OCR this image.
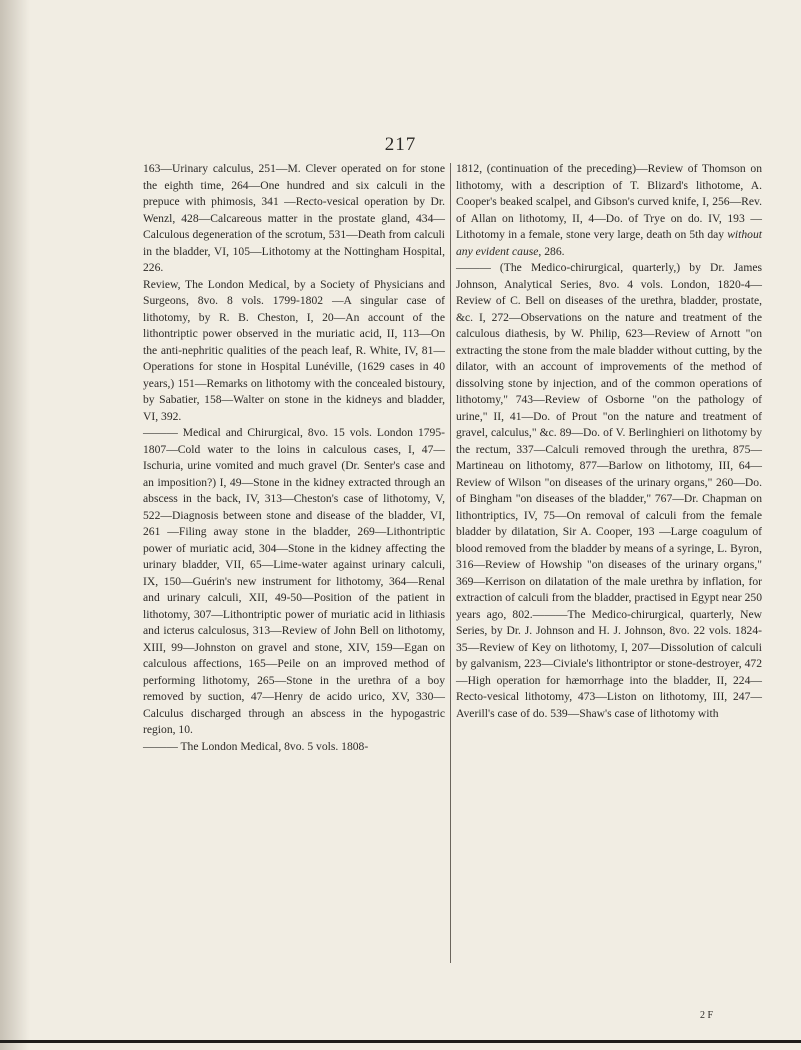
217

163—Urinary calculus, 251—M. Clever operated on for stone the eighth time, 264—One hundred and six calculi in the prepuce with phimosis, 341 —Recto-vesical operation by Dr. Wenzl, 428—Calcareous matter in the prostate gland, 434—Calculous degeneration of the scrotum, 531—Death from calculi in the bladder, VI, 105—Lithotomy at the Nottingham Hospital, 226.

Review, The London Medical, by a Society of Physicians and Surgeons, 8vo. 8 vols. 1799-1802 —A singular case of lithotomy, by R. B. Cheston, I, 20—An account of the lithontriptic power observed in the muriatic acid, II, 113—On the anti-nephritic qualities of the peach leaf, R. White, IV, 81—Operations for stone in Hospital Lunéville, (1629 cases in 40 years,) 151—Remarks on lithotomy with the concealed bistoury, by Sabatier, 158—Walter on stone in the kidneys and bladder, VI, 392.

——— Medical and Chirurgical, 8vo. 15 vols. London 1795-1807—Cold water to the loins in calculous cases, I, 47—Ischuria, urine vomited and much gravel (Dr. Senter's case and an imposition?) I, 49—Stone in the kidney extracted through an abscess in the back, IV, 313—Cheston's case of lithotomy, V, 522—Diagnosis between stone and disease of the bladder, VI, 261 —Filing away stone in the bladder, 269—Lithontriptic power of muriatic acid, 304—Stone in the kidney affecting the urinary bladder, VII, 65—Lime-water against urinary calculi, IX, 150—Guérin's new instrument for lithotomy, 364—Renal and urinary calculi, XII, 49-50—Position of the patient in lithotomy, 307—Lithontriptic power of muriatic acid in lithiasis and icterus calculosus, 313—Review of John Bell on lithotomy, XIII, 99—Johnston on gravel and stone, XIV, 159—Egan on calculous affections, 165—Peile on an improved method of performing lithotomy, 265—Stone in the urethra of a boy removed by suction, 47—Henry de acido urico, XV, 330—Calculus discharged through an abscess in the hypogastric region, 10.

——— The London Medical, 8vo. 5 vols. 1808-

1812, (continuation of the preceding)—Review of Thomson on lithotomy, with a description of T. Blizard's lithotome, A. Cooper's beaked scalpel, and Gibson's curved knife, I, 256—Rev. of Allan on lithotomy, II, 4—Do. of Trye on do. IV, 193 —Lithotomy in a female, stone very large, death on 5th day without any evident cause, 286.

——— (The Medico-chirurgical, quarterly,) by Dr. James Johnson, Analytical Series, 8vo. 4 vols. London, 1820-4—Review of C. Bell on diseases of the urethra, bladder, prostate, &c. I, 272—Observations on the nature and treatment of the calculous diathesis, by W. Philip, 623—Review of Arnott "on extracting the stone from the male bladder without cutting, by the dilator, with an account of improvements of the method of dissolving stone by injection, and of the common operations of lithotomy," 743—Review of Osborne "on the pathology of urine," II, 41—Do. of Prout "on the nature and treatment of gravel, calculus," &c. 89—Do. of V. Berlinghieri on lithotomy by the rectum, 337—Calculi removed through the urethra, 875—Martineau on lithotomy, 877—Barlow on lithotomy, III, 64—Review of Wilson "on diseases of the urinary organs," 260—Do. of Bingham "on diseases of the bladder," 767—Dr. Chapman on lithontriptics, IV, 75—On removal of calculi from the female bladder by dilatation, Sir A. Cooper, 193 —Large coagulum of blood removed from the bladder by means of a syringe, L. Byron, 316—Review of Howship "on diseases of the urinary organs," 369—Kerrison on dilatation of the male urethra by inflation, for extraction of calculi from the bladder, practised in Egypt near 250 years ago, 802.———The Medico-chirurgical, quarterly, New Series, by Dr. J. Johnson and H. J. Johnson, 8vo. 22 vols. 1824-35—Review of Key on lithotomy, I, 207—Dissolution of calculi by galvanism, 223—Civiale's lithontriptor or stone-destroyer, 472—High operation for hæmorrhage into the bladder, II, 224—Recto-vesical lithotomy, 473—Liston on lithotomy, III, 247—Averill's case of do. 539—Shaw's case of lithotomy with

2 F
